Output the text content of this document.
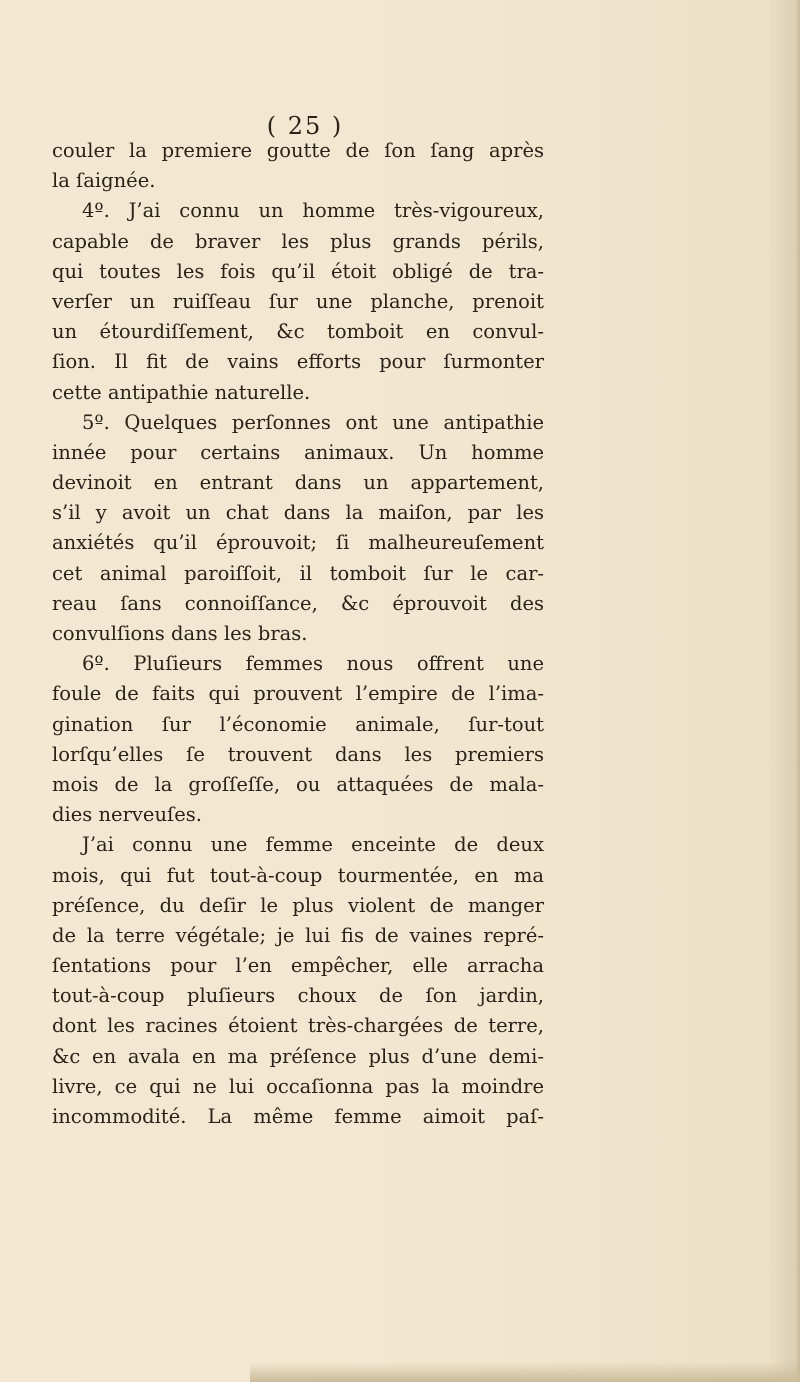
( 25 )
couler la premiere goutte de ſon ſang après
la ſaignée.
4º. J’ai connu un homme très-vigoureux,
capable de braver les plus grands périls,
qui toutes les fois qu’il étoit obligé de tra-
verſer un ruiſſeau ſur une planche, prenoit
un étourdiſſement, &c tomboit en convul-
ſion. Il fit de vains efforts pour ſurmonter
cette antipathie naturelle.
5º. Quelques perſonnes ont une antipathie
innée pour certains animaux. Un homme
devinoit en entrant dans un appartement,
s’il y avoit un chat dans la maiſon, par les
anxiétés qu’il éprouvoit; ſi malheureuſement
cet animal paroiſſoit, il tomboit ſur le car-
reau ſans connoiſſance, &c éprouvoit des
convulſions dans les bras.
6º. Pluſieurs femmes nous offrent une
foule de faits qui prouvent l’empire de l’ima-
gination ſur l’économie animale, ſur-tout
lorſqu’elles ſe trouvent dans les premiers
mois de la groſſeſſe, ou attaquées de mala-
dies nerveuſes.
J’ai connu une femme enceinte de deux
mois, qui fut tout-à-coup tourmentée, en ma
préſence, du deſir le plus violent de manger
de la terre végétale; je lui fis de vaines repré-
ſentations pour l’en empêcher, elle arracha
tout-à-coup pluſieurs choux de ſon jardin,
dont les racines étoient très-chargées de terre,
&c en avala en ma préſence plus d’une demi-
livre, ce qui ne lui occaſionna pas la moindre
incommodité. La même femme aimoit paſ-
